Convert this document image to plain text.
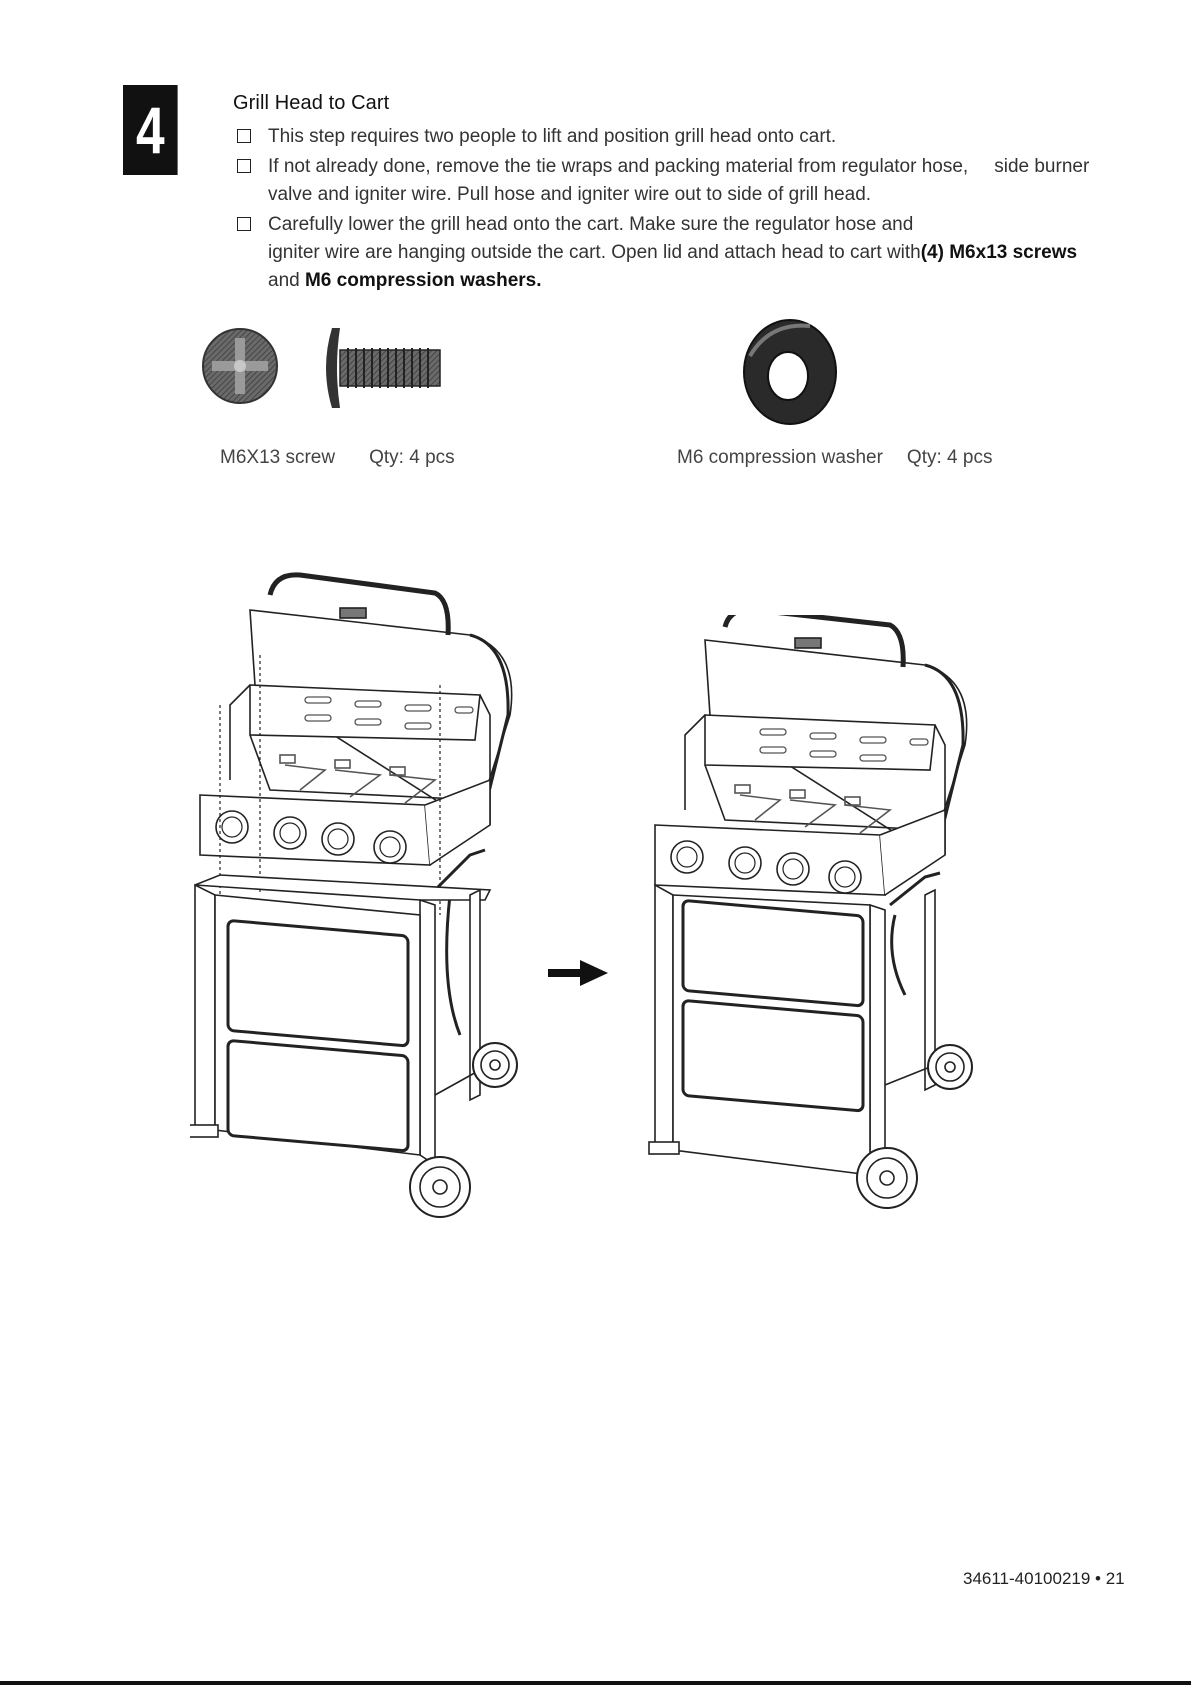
4	Grill Head to Cart
This step requires two people to lift and position grill head onto cart.
If not already done, remove the tie wraps and packing material from regulator hose, side burner
valve and igniter wire. Pull hose and igniter wire out to side of grill head.
Carefully lower the grill head onto the cart. Make sure the regulator hose and
igniter wire are hanging outside the cart. Open lid and attach head to cart with(4) M6x13 screws
and M6 compression washers.
M6X13 screw Qty: 4 pcs	M6 compression washer Qty: 4 pcs
34611-40100219 • 21
